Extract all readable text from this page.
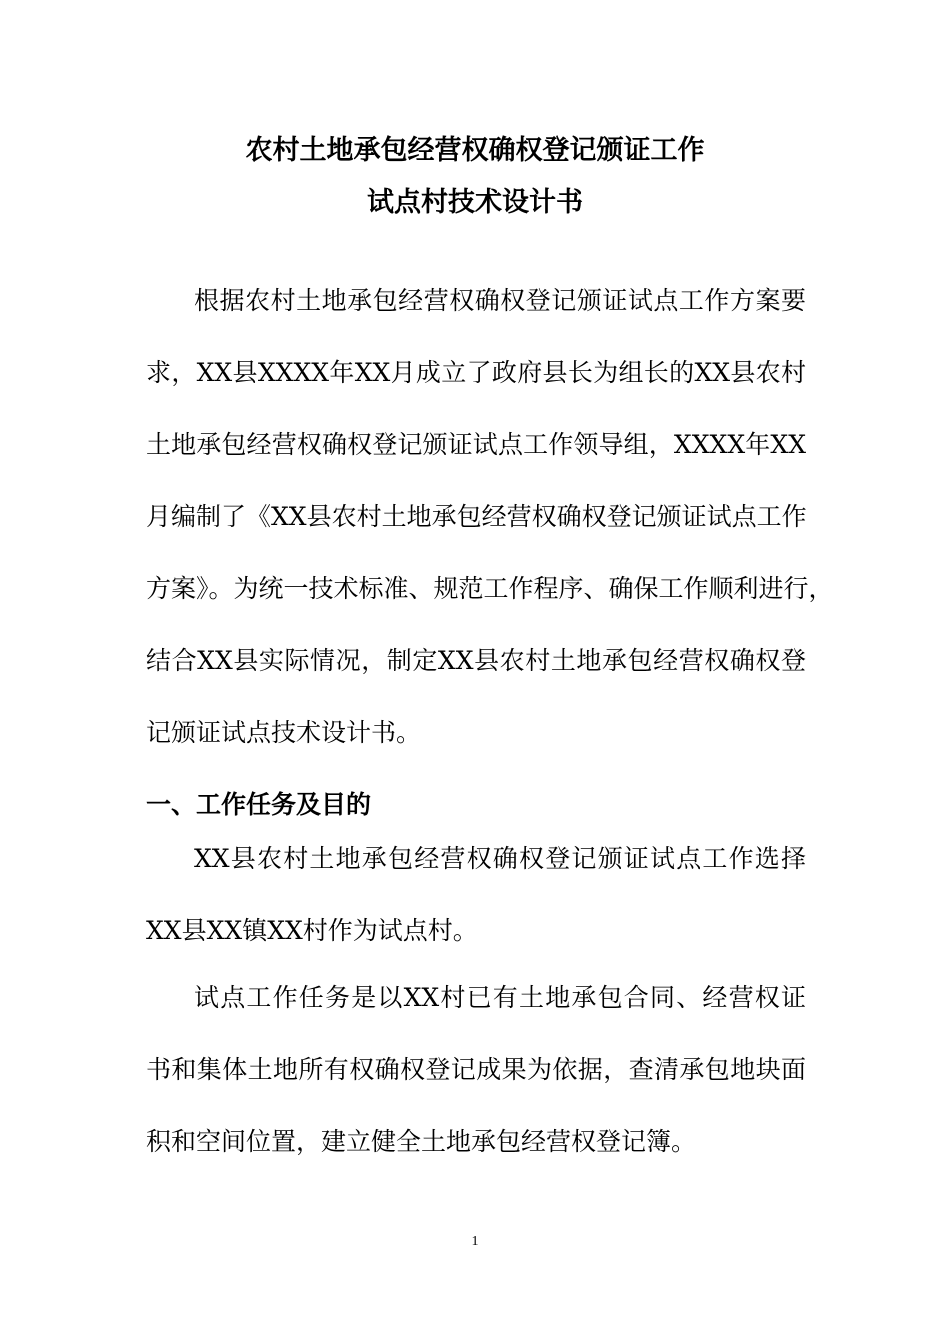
农村土地承包经营权确权登记颁证工作
试点村技术设计书
根据农村土地承包经营权确权登记颁证试点工作方案要
求，XX县XXXX年XX月成立了政府县长为组长的XX县农村
土地承包经营权确权登记颁证试点工作领导组，XXXX年XX
月编制了《XX县农村土地承包经营权确权登记颁证试点工作
方案》。为统一技术标准、规范工作程序、确保工作顺利进行，
结合XX县实际情况，制定XX县农村土地承包经营权确权登
记颁证试点技术设计书。
一、工作任务及目的
XX县农村土地承包经营权确权登记颁证试点工作选择
XX县XX镇XX村作为试点村。
试点工作任务是以XX村已有土地承包合同、经营权证
书和集体土地所有权确权登记成果为依据，查清承包地块面
积和空间位置，建立健全土地承包经营权登记簿。
1
